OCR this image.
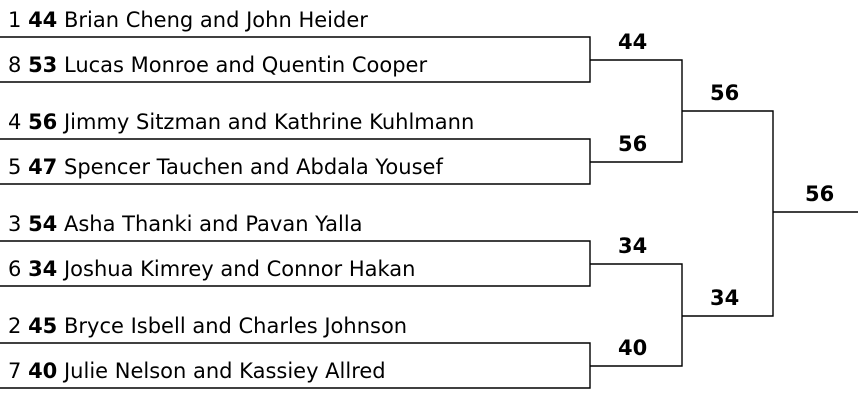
1 44 Brian Cheng and John Heider
8 53 Lucas Monroe and Quentin Cooper
4 56 Jimmy Sitzman and Kathrine Kuhlmann
5 47 Spencer Tauchen and Abdala Yousef
3 54 Asha Thanki and Pavan Yalla
6 34 Joshua Kimrey and Connor Hakan
2 45 Bryce Isbell and Charles Johnson
7 40 Julie Nelson and Kassiey Allred
44
56
34
40
56
34
56
